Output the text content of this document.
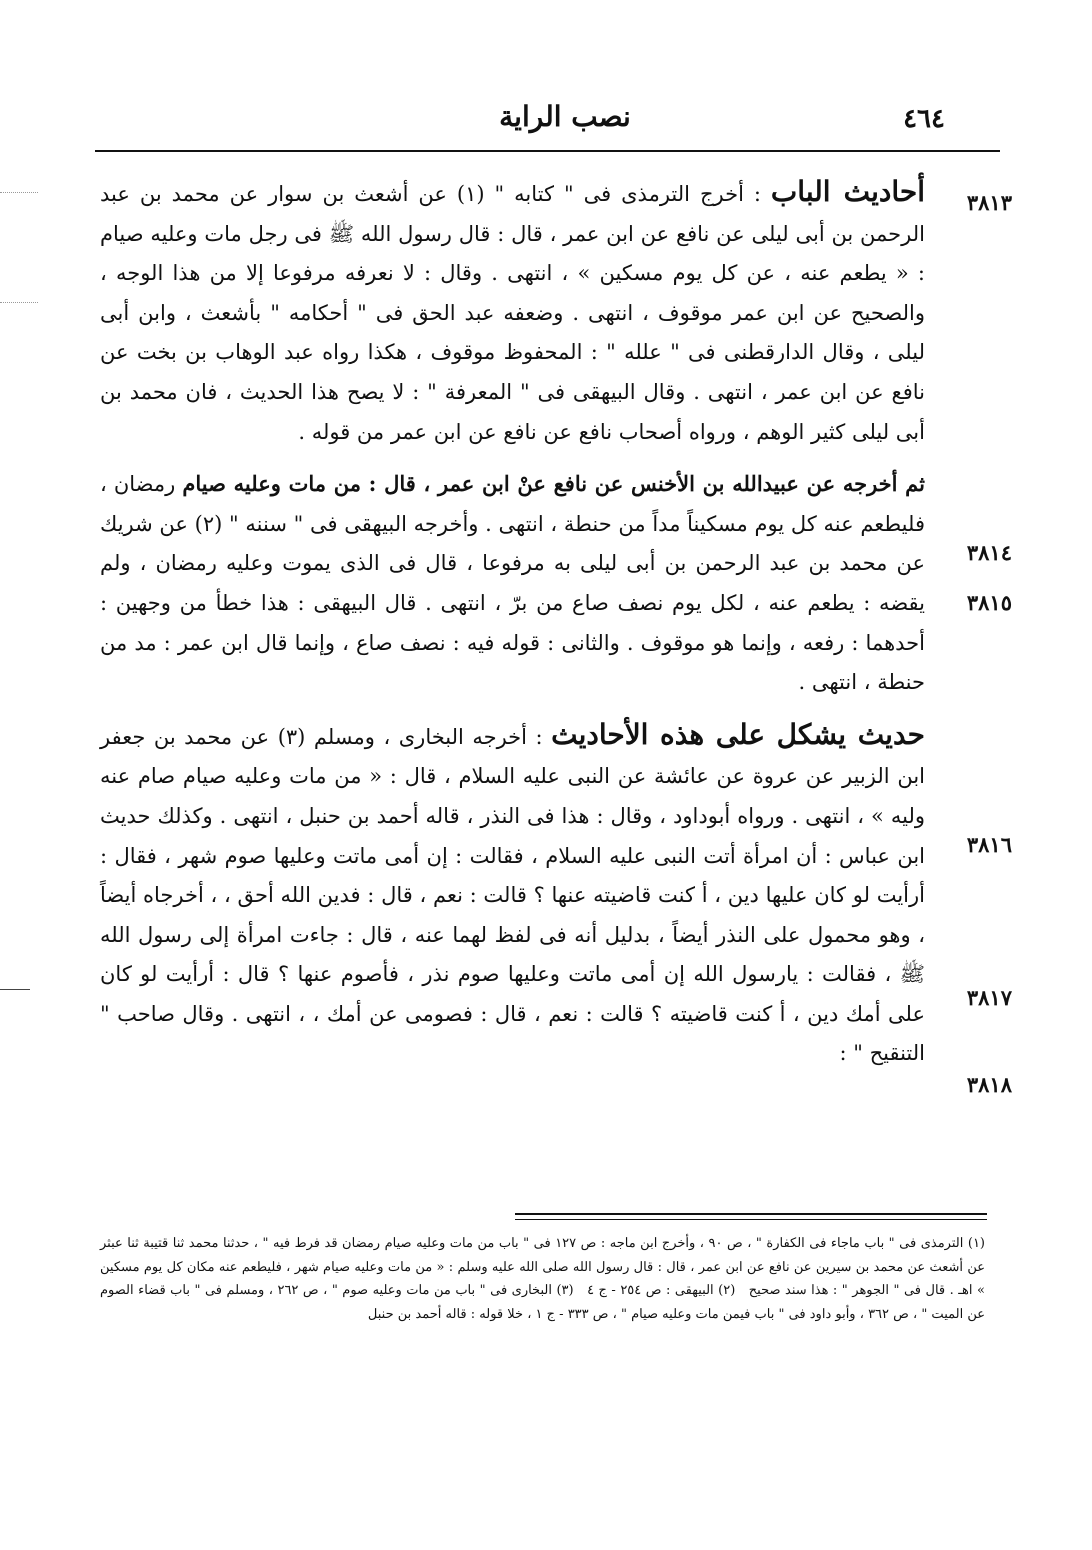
٤٦٤
نصب الراية
٣٨١٣
٣٨١٤
٣٨١٥
٣٨١٦
٣٨١٧
٣٨١٨

أحاديث الباب : أخرج الترمذى فى " كتابه " (١) عن أشعث بن سوار عن محمد بن عبد الرحمن بن أبى ليلى عن نافع عن ابن عمر ، قال : قال رسول الله ﷺ فى رجل مات وعليه صيام : « يطعم عنه ، عن كل يوم مسكين » ، انتهى . وقال : لا نعرفه مرفوعا إلا من هذا الوجه ، والصحيح عن ابن عمر موقوف ، انتهى . وضعفه عبد الحق فى " أحكامه " بأشعث ، وابن أبى ليلى ، وقال الدارقطنى فى " علله " : المحفوظ موقوف ، هكذا رواه عبد الوهاب بن بخت عن نافع عن ابن عمر ، انتهى . وقال البيهقى فى " المعرفة " : لا يصح هذا الحديث ، فان محمد بن أبى ليلى كثير الوهم ، ورواه أصحاب نافع عن نافع عن ابن عمر من قوله .

ثم أخرجه عن عبيدالله بن الأخنس عن نافع عنْ ابن عمر ، قال : من مات وعليه صيام رمضان ، فليطعم عنه كل يوم مسكيناً مداً من حنطة ، انتهى . وأخرجه البيهقى فى " سننه " (٢) عن شريك عن محمد بن عبد الرحمن بن أبى ليلى به مرفوعا ، قال فى الذى يموت وعليه رمضان ، ولم يقضه : يطعم عنه ، لكل يوم نصف صاع من برّ ، انتهى . قال البيهقى : هذا خطأ من وجهين : أحدهما : رفعه ، وإنما هو موقوف . والثانى : قوله فيه : نصف صاع ، وإنما قال ابن عمر : مد من حنطة ، انتهى .

حديث يشكل على هذه الأحاديث : أخرجه البخارى ، ومسلم (٣) عن محمد بن جعفر ابن الزبير عن عروة عن عائشة عن النبى عليه السلام ، قال : « من مات وعليه صيام صام عنه وليه » ، انتهى . ورواه أبوداود ، وقال : هذا فى النذر ، قاله أحمد بن حنبل ، انتهى . وكذلك حديث ابن عباس : أن امرأة أتت النبى عليه السلام ، فقالت : إن أمى ماتت وعليها صوم شهر ، فقال : أرأيت لو كان عليها دين ، أ كنت قاضيته عنها ؟ قالت : نعم ، قال : فدين الله أحق ، ، أخرجاه أيضاً ، وهو محمول على النذر أيضاً ، بدليل أنه فى لفظ لهما عنه ، قال : جاءت امرأة إلى رسول الله ﷺ ، فقالت : يارسول الله إن أمى ماتت وعليها صوم نذر ، فأصوم عنها ؟ قال : أرأيت لو كان على أمك دين ، أ كنت قاضيته ؟ قالت : نعم ، قال : فصومى عن أمك ، ، انتهى . وقال صاحب " التنقيح " :

(١) الترمذى فى " باب ماجاء فى الكفارة " ، ص ٩٠ ، وأخرج ابن ماجه : ص ١٢٧ فى " باب من مات وعليه صيام رمضان قد فرط فيه " ، حدثنا محمد ثنا قتيبة ثنا عبثر عن أشعث عن محمد بن سيرين عن نافع عن ابن عمر ، قال : قال رسول الله صلى الله عليه وسلم : « من مات وعليه صيام شهر ، فليطعم عنه مكان كل يوم مسكين » اهـ . قال فى " الجوهر " : هذا سند صحيح   (٢) البيهقى : ص ٢٥٤ - ج ٤   (٣) البخارى فى " باب من مات وعليه صوم " ، ص ٢٦٢ ، ومسلم فى " باب قضاء الصوم عن الميت " ، ص ٣٦٢ ، وأبو داود فى " باب فيمن مات وعليه صيام " ، ص ٣٣٣ - ج ١ ، خلا قوله : قاله أحمد بن حنبل
